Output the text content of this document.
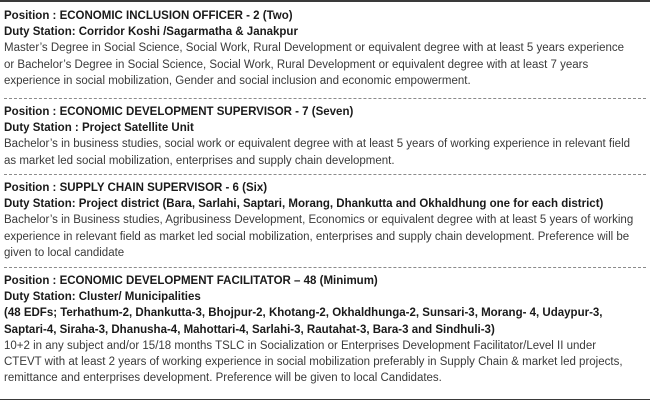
Position : ECONOMIC INCLUSION OFFICER - 2 (Two)

Duty Station: Corridor Koshi /Sagarmatha & Janakpur

Master’s Degree in Social Science, Social Work, Rural Development or equivalent degree with at least 5 years experience

or Bachelor’s Degree in Social Science, Social Work, Rural Development or equivalent degree with at least 7 years

experience in social mobilization, Gender and social inclusion and economic empowerment.

Position : ECONOMIC DEVELOPMENT SUPERVISOR - 7 (Seven)

Duty Station : Project Satellite Unit

Bachelor’s in business studies, social work or equivalent degree with at least 5 years of working experience in relevant field

as market led social mobilization, enterprises and supply chain development.

Position : SUPPLY CHAIN SUPERVISOR - 6 (Six)

Duty Station: Project district (Bara, Sarlahi, Saptari, Morang, Dhankutta and Okhaldhung one for each district)

Bachelor’s in Business studies, Agribusiness Development, Economics or equivalent degree with at least 5 years of working

experience in relevant field as market led social mobilization, enterprises and supply chain development. Preference will be

given to local candidate

Position : ECONOMIC DEVELOPMENT FACILITATOR – 48 (Minimum)

Duty Station: Cluster/ Municipalities

(48 EDFs; Terhathum-2, Dhankutta-3, Bhojpur-2, Khotang-2, Okhaldhunga-2, Sunsari-3, Morang- 4, Udaypur-3,

Saptari-4, Siraha-3, Dhanusha-4, Mahottari-4, Sarlahi-3, Rautahat-3, Bara-3 and Sindhuli-3)

10+2 in any subject and/or 15/18 months TSLC in Socialization or Enterprises Development Facilitator/Level II under

CTEVT with at least 2 years of working experience in social mobilization preferably in Supply Chain & market led projects,

remittance and enterprises development. Preference will be given to local Candidates.
